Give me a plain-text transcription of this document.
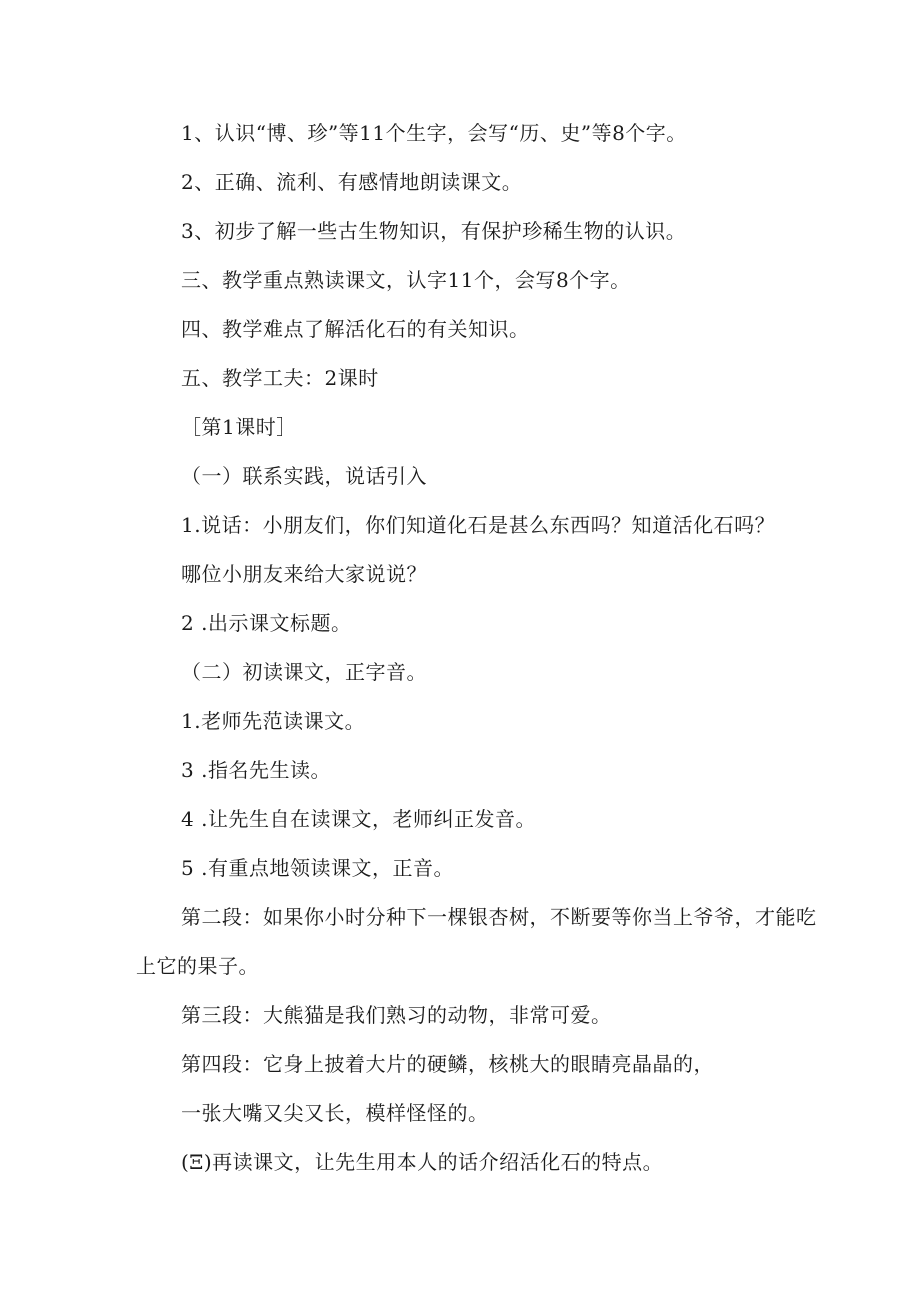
1、认识“博、珍”等11个生字，会写“历、史”等8个字。
2、正确、流利、有感情地朗读课文。
3、初步了解一些古生物知识，有保护珍稀生物的认识。
三、教学重点熟读课文，认字11个，会写8个字。
四、教学难点了解活化石的有关知识。
五、教学工夫：2课时
［第1课时］
（一）联系实践，说话引入
1.说话：小朋友们，你们知道化石是甚么东西吗？知道活化石吗？
哪位小朋友来给大家说说？
2 .出示课文标题。
（二）初读课文，正字音。
1.老师先范读课文。
3 .指名先生读。
4 .让先生自在读课文，老师纠正发音。
5 .有重点地领读课文，正音。
第二段：如果你小时分种下一棵银杏树，不断要等你当上爷爷，才能吃
上它的果子。
第三段：大熊猫是我们熟习的动物，非常可爱。
第四段：它身上披着大片的硬鳞，核桃大的眼睛亮晶晶的，
一张大嘴又尖又长，模样怪怪的。
(Ξ)再读课文，让先生用本人的话介绍活化石的特点。
